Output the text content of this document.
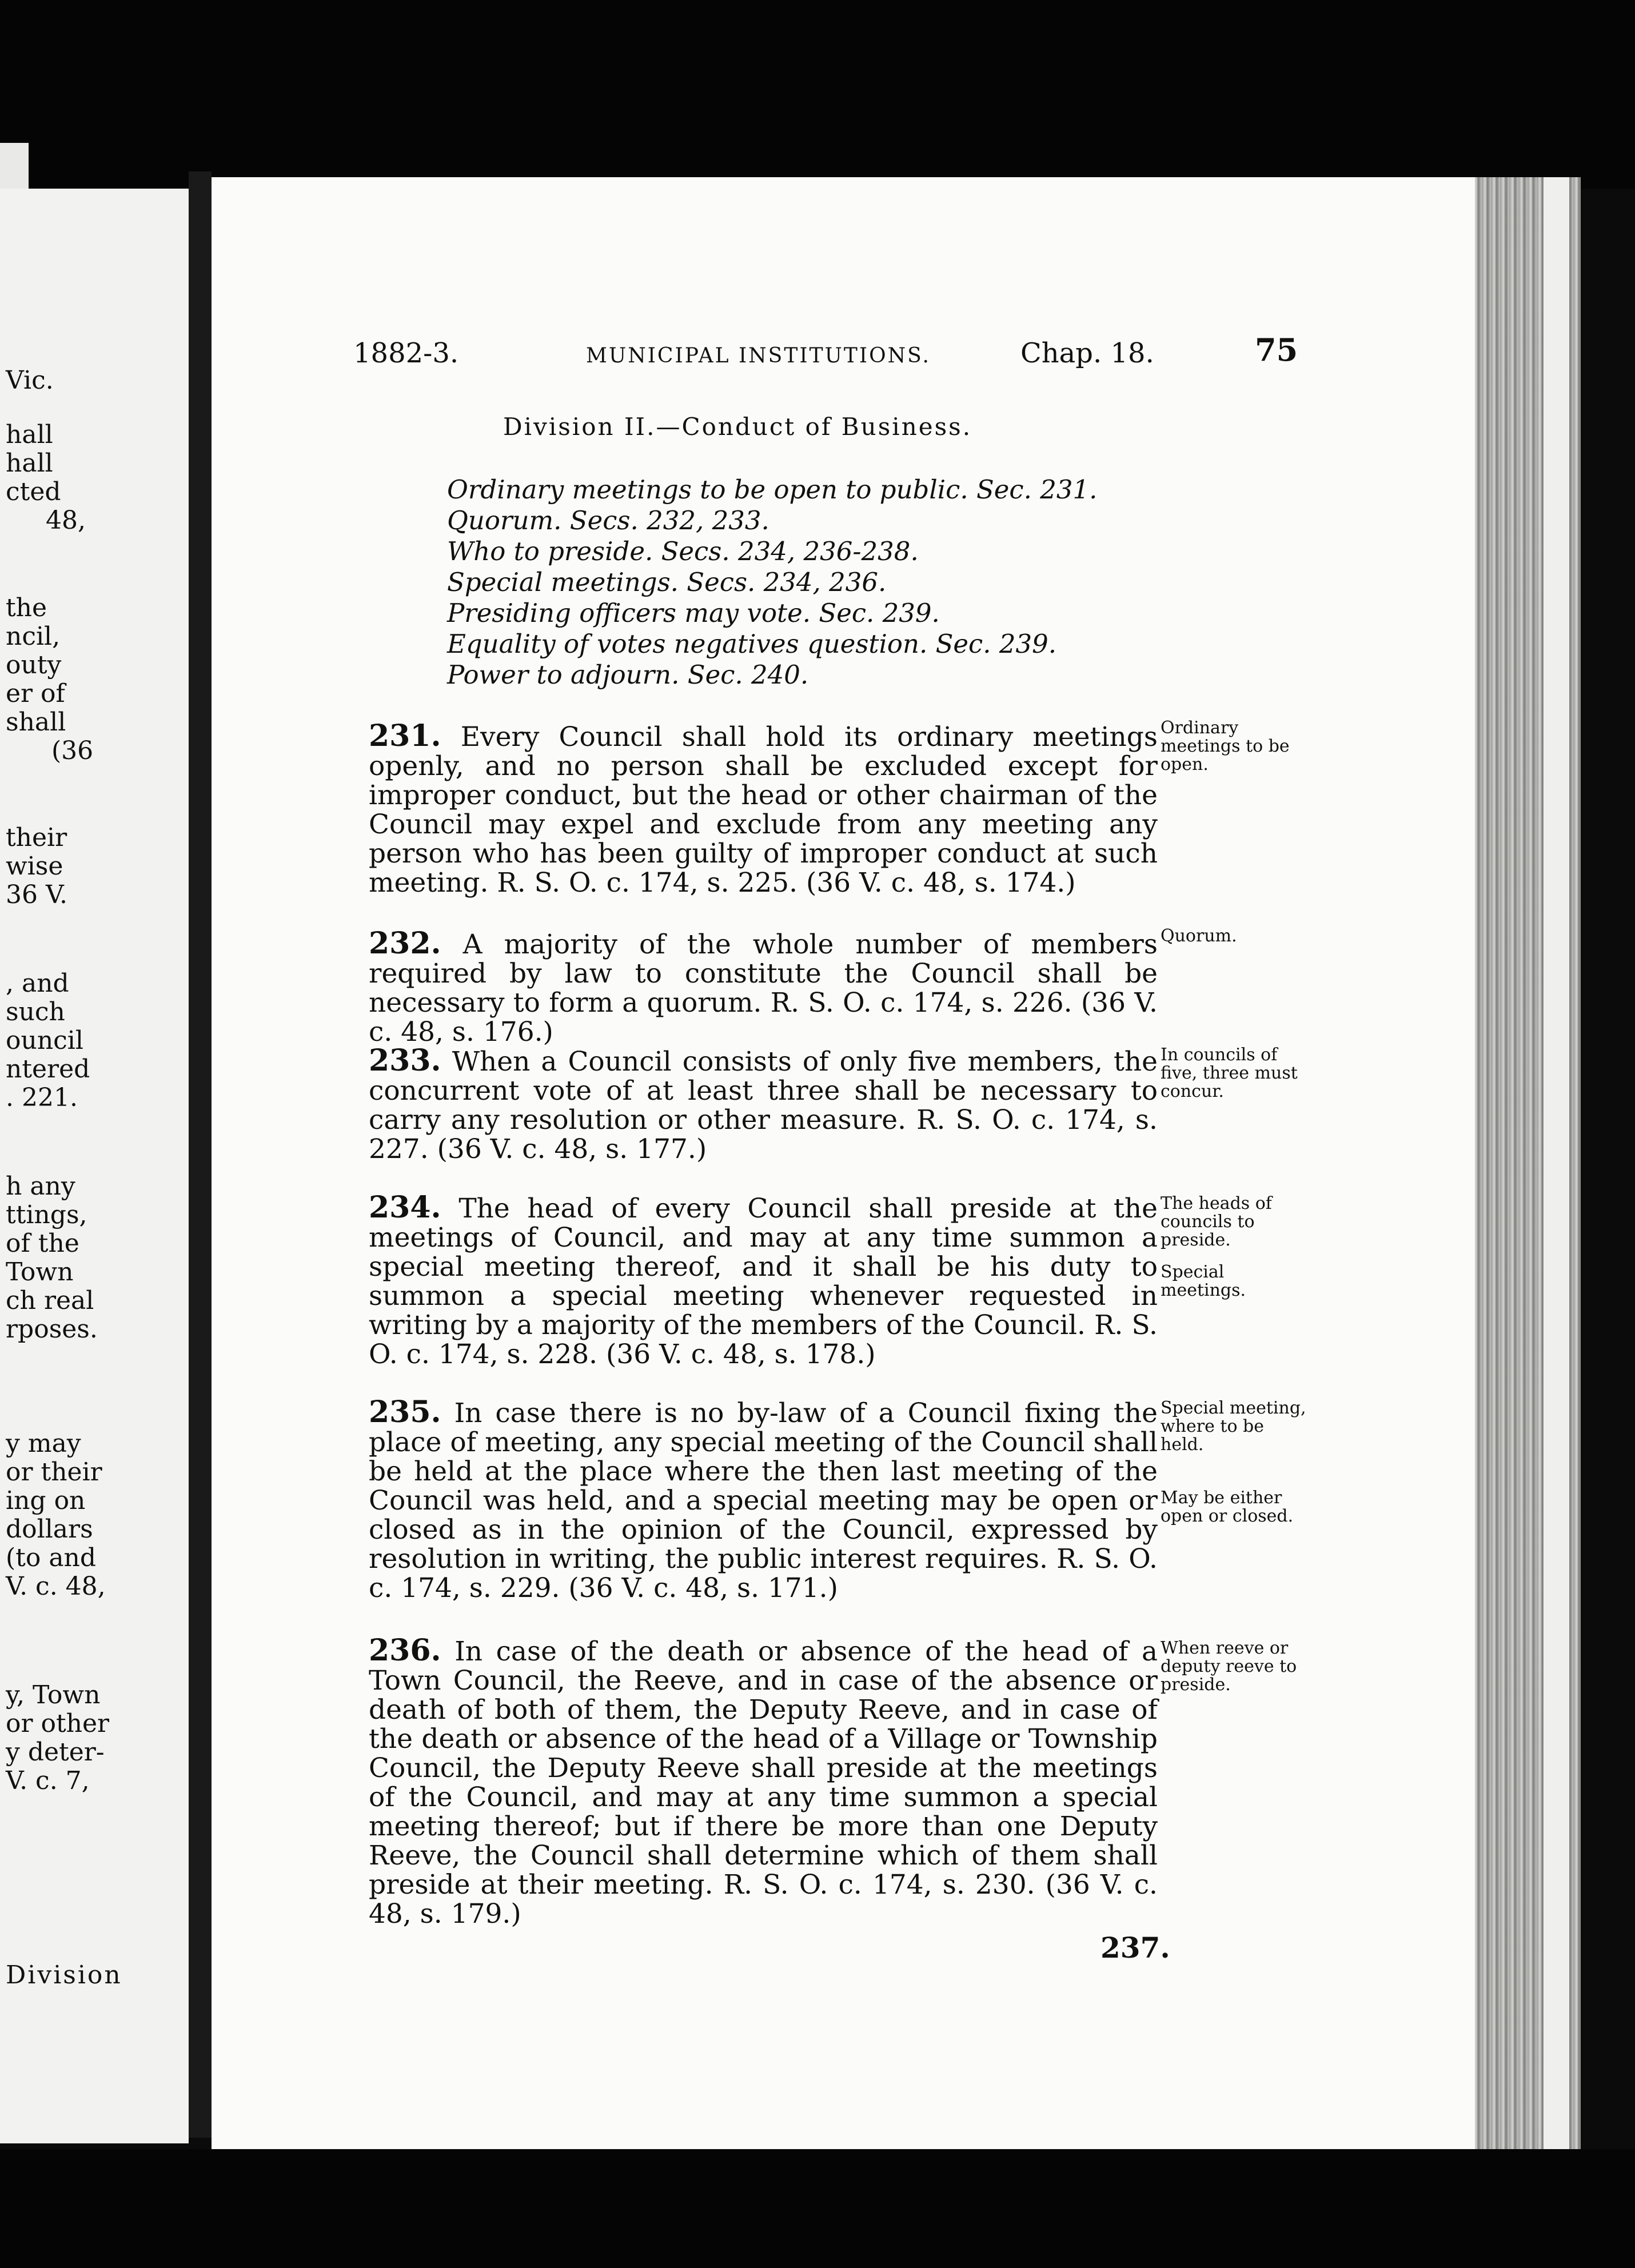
Vic.
hall
hall
cted
48,
the
ncil,
outy
er of
shall
(36
their
wise
36 V.
, and
such
ouncil
ntered
. 221.
h any
ttings,
of the
Town
ch real
rposes.
y may
or their
ing on
dollars
(to and
V. c. 48,
y, Town
or other
y deter-
V. c. 7,
Division
1882-3.	MUNICIPAL INSTITUTIONS.	Chap. 18.	75
Division II.—Conduct of Business.
Ordinary meetings to be open to public. Sec. 231.
Quorum. Secs. 232, 233.
Who to preside. Secs. 234, 236-238.
Special meetings. Secs. 234, 236.
Presiding officers may vote. Sec. 239.
Equality of votes negatives question. Sec. 239.
Power to adjourn. Sec. 240.
231. Every Council shall hold its ordinary meetings openly, and no person shall be excluded except for improper conduct, but the head or other chairman of the Council may expel and exclude from any meeting any person who has been guilty of improper conduct at such meeting. R. S. O. c. 174, s. 225. (36 V. c. 48, s. 174.)
Ordinary meetings to be open.
232. A majority of the whole number of members required by law to constitute the Council shall be necessary to form a quorum. R. S. O. c. 174, s. 226. (36 V. c. 48, s. 176.)
Quorum.
233. When a Council consists of only five members, the concurrent vote of at least three shall be necessary to carry any resolution or other measure. R. S. O. c. 174, s. 227. (36 V. c. 48, s. 177.)
In councils of five, three must concur.
234. The head of every Council shall preside at the meetings of Council, and may at any time summon a special meeting thereof, and it shall be his duty to summon a special meeting whenever requested in writing by a majority of the members of the Council. R. S. O. c. 174, s. 228. (36 V. c. 48, s. 178.)
The heads of councils to preside.
Special meetings.
235. In case there is no by-law of a Council fixing the place of meeting, any special meeting of the Council shall be held at the place where the then last meeting of the Council was held, and a special meeting may be open or closed as in the opinion of the Council, expressed by resolution in writing, the public interest requires. R. S. O. c. 174, s. 229. (36 V. c. 48, s. 171.)
Special meeting, where to be held.
May be either open or closed.
236. In case of the death or absence of the head of a Town Council, the Reeve, and in case of the absence or death of both of them, the Deputy Reeve, and in case of the death or absence of the head of a Village or Township Council, the Deputy Reeve shall preside at the meetings of the Council, and may at any time summon a special meeting thereof; but if there be more than one Deputy Reeve, the Council shall determine which of them shall preside at their meeting. R. S. O. c. 174, s. 230. (36 V. c. 48, s. 179.)
When reeve or deputy reeve to preside.
237.
